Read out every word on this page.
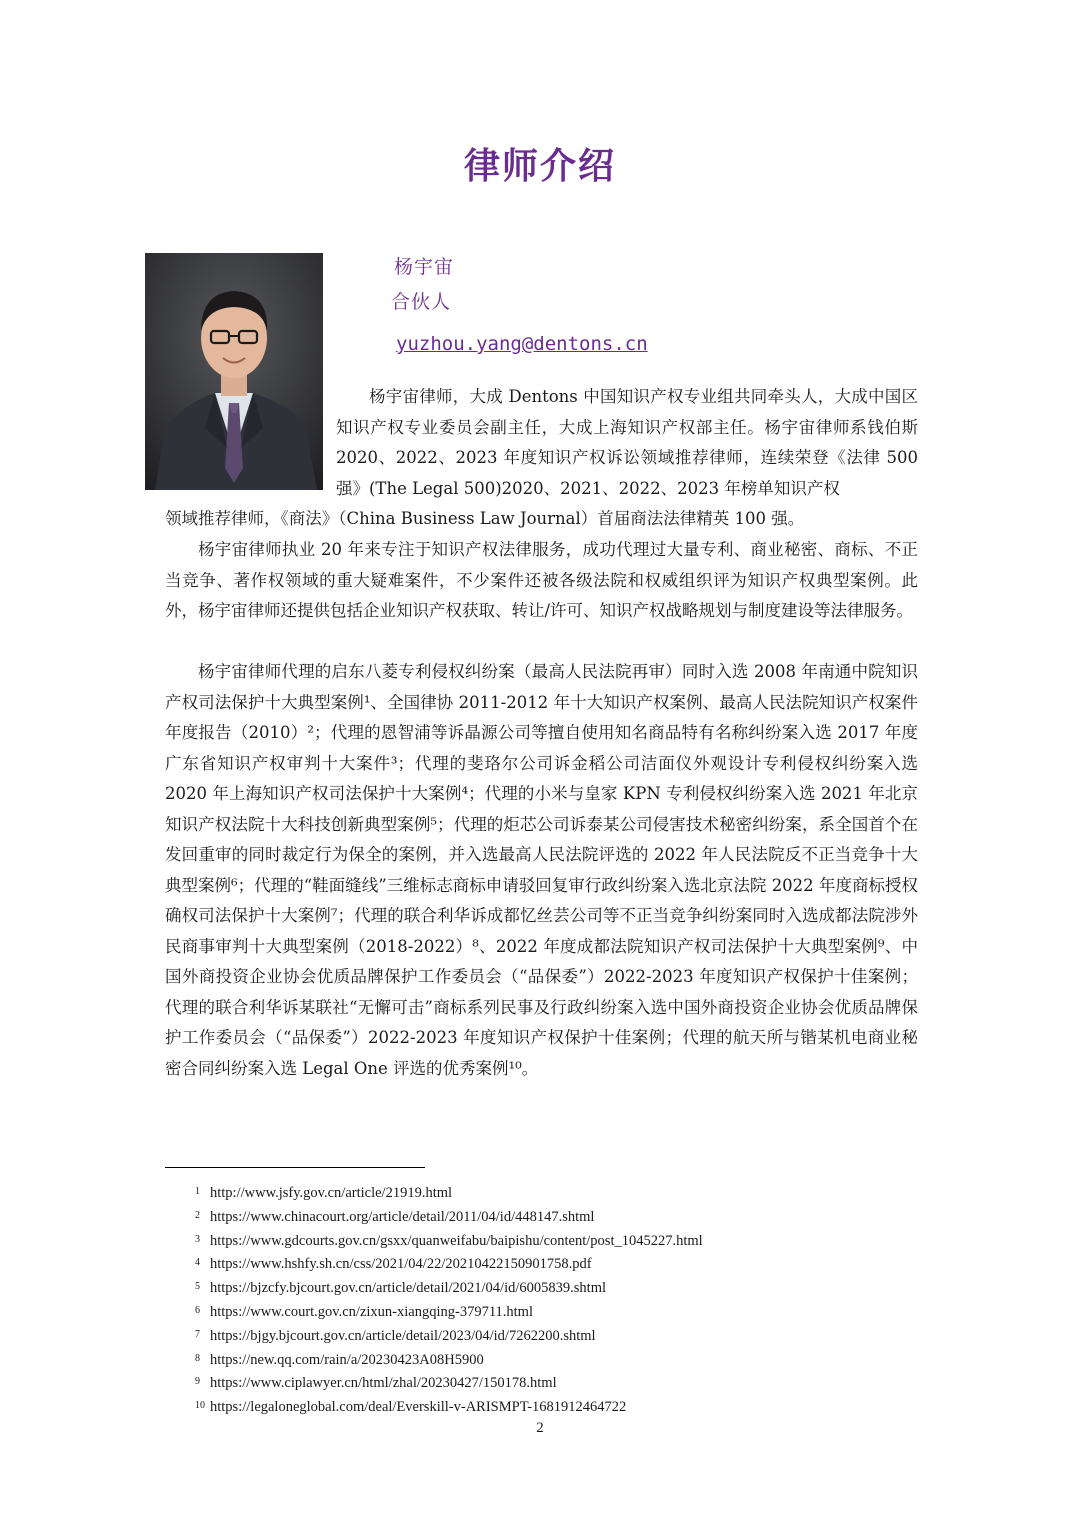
律师介绍
杨宇宙
合伙人
yuzhou.yang@dentons.cn
杨宇宙律师，大成 Dentons 中国知识产权专业组共同牵头人，大成中国区知识产权专业委员会副主任，大成上海知识产权部主任。杨宇宙律师系钱伯斯 2020、2022、2023 年度知识产权诉讼领域推荐律师，连续荣登《法律 500 强》(The Legal 500)2020、2021、2022、2023 年榜单知识产权
领域推荐律师，《商法》（China Business Law Journal）首届商法法律精英 100 强。
杨宇宙律师执业 20 年来专注于知识产权法律服务，成功代理过大量专利、商业秘密、商标、不正当竞争、著作权领域的重大疑难案件，不少案件还被各级法院和权威组织评为知识产权典型案例。此外，杨宇宙律师还提供包括企业知识产权获取、转让/许可、知识产权战略规划与制度建设等法律服务。
杨宇宙律师代理的启东八菱专利侵权纠纷案（最高人民法院再审）同时入选 2008 年南通中院知识产权司法保护十大典型案例¹、全国律协 2011-2012 年十大知识产权案例、最高人民法院知识产权案件年度报告（2010）²；代理的恩智浦等诉晶源公司等擅自使用知名商品特有名称纠纷案入选 2017 年度广东省知识产权审判十大案件³；代理的斐珞尔公司诉金稻公司洁面仪外观设计专利侵权纠纷案入选 2020 年上海知识产权司法保护十大案例⁴；代理的小米与皇家 KPN 专利侵权纠纷案入选 2021 年北京知识产权法院十大科技创新典型案例⁵；代理的炬芯公司诉泰某公司侵害技术秘密纠纷案，系全国首个在发回重审的同时裁定行为保全的案例，并入选最高人民法院评选的 2022 年人民法院反不正当竞争十大典型案例⁶；代理的“鞋面缝线”三维标志商标申请驳回复审行政纠纷案入选北京法院 2022 年度商标授权确权司法保护十大案例⁷；代理的联合利华诉成都忆丝芸公司等不正当竞争纠纷案同时入选成都法院涉外民商事审判十大典型案例（2018-2022）⁸、2022 年度成都法院知识产权司法保护十大典型案例⁹、中国外商投资企业协会优质品牌保护工作委员会（“品保委”）2022-2023 年度知识产权保护十佳案例；代理的联合利华诉某联社“无懈可击”商标系列民事及行政纠纷案入选中国外商投资企业协会优质品牌保护工作委员会（“品保委”）2022-2023 年度知识产权保护十佳案例；代理的航天所与锴某机电商业秘密合同纠纷案入选 Legal One 评选的优秀案例¹⁰。
1 http://www.jsfy.gov.cn/article/21919.html
2 https://www.chinacourt.org/article/detail/2011/04/id/448147.shtml
3 https://www.gdcourts.gov.cn/gsxx/quanweifabu/baipishu/content/post_1045227.html
4 https://www.hshfy.sh.cn/css/2021/04/22/20210422150901758.pdf
5 https://bjzcfy.bjcourt.gov.cn/article/detail/2021/04/id/6005839.shtml
6 https://www.court.gov.cn/zixun-xiangqing-379711.html
7 https://bjgy.bjcourt.gov.cn/article/detail/2023/04/id/7262200.shtml
8 https://new.qq.com/rain/a/20230423A08H5900
9 https://www.ciplawyer.cn/html/zhal/20230427/150178.html
10 https://legaloneglobal.com/deal/Everskill-v-ARISMPT-1681912464722
2
